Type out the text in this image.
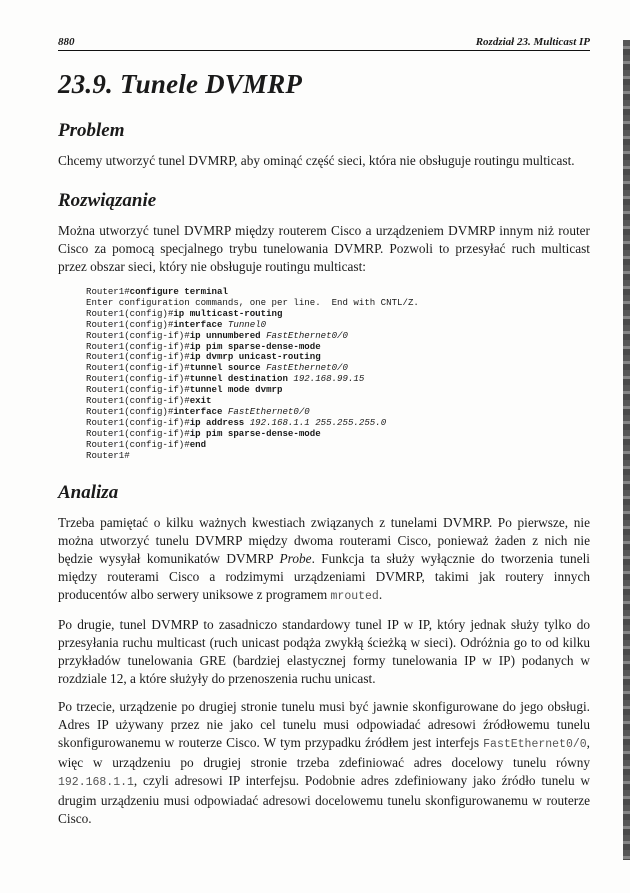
880	Rozdział 23. Multicast IP
23.9. Tunele DVMRP
Problem

Chcemy utworzyć tunel DVMRP, aby ominąć część sieci, która nie obsługuje routingu multicast.

Rozwiązanie

Można utworzyć tunel DVMRP między routerem Cisco a urządzeniem DVMRP innym niż router Cisco za pomocą specjalnego trybu tunelowania DVMRP. Pozwoli to przesyłać ruch multicast przez obszar sieci, który nie obsługuje routingu multicast:

Router1#configure terminal
Enter configuration commands, one per line.  End with CNTL/Z.
Router1(config)#ip multicast-routing
Router1(config)#interface Tunnel0
Router1(config-if)#ip unnumbered FastEthernet0/0
Router1(config-if)#ip pim sparse-dense-mode
Router1(config-if)#ip dvmrp unicast-routing
Router1(config-if)#tunnel source FastEthernet0/0
Router1(config-if)#tunnel destination 192.168.99.15
Router1(config-if)#tunnel mode dvmrp
Router1(config-if)#exit
Router1(config)#interface FastEthernet0/0
Router1(config-if)#ip address 192.168.1.1 255.255.255.0
Router1(config-if)#ip pim sparse-dense-mode
Router1(config-if)#end
Router1#
Analiza

Trzeba pamiętać o kilku ważnych kwestiach związanych z tunelami DVMRP. Po pierwsze, nie można utworzyć tunelu DVMRP między dwoma routerami Cisco, ponieważ żaden z nich nie będzie wysyłał komunikatów DVMRP Probe. Funkcja ta służy wyłącznie do tworzenia tuneli między routerami Cisco a rodzimymi urządzeniami DVMRP, takimi jak routery innych producentów albo serwery uniksowe z programem mrouted.

Po drugie, tunel DVMRP to zasadniczo standardowy tunel IP w IP, który jednak służy tylko do przesyłania ruchu multicast (ruch unicast podąża zwykłą ścieżką w sieci). Odróżnia go to od kilku przykładów tunelowania GRE (bardziej elastycznej formy tunelowania IP w IP) podanych w rozdziale 12, a które służyły do przenoszenia ruchu unicast.

Po trzecie, urządzenie po drugiej stronie tunelu musi być jawnie skonfigurowane do jego obsługi. Adres IP używany przez nie jako cel tunelu musi odpowiadać adresowi źródłowemu tunelu skonfigurowanemu w routerze Cisco. W tym przypadku źródłem jest interfejs FastEthernet0/0, więc w urządzeniu po drugiej stronie trzeba zdefiniować adres docelowy tunelu równy 192.168.1.1, czyli adresowi IP interfejsu. Podobnie adres zdefiniowany jako źródło tunelu w drugim urządzeniu musi odpowiadać adresowi docelowemu tunelu skonfigurowanemu w routerze Cisco.
